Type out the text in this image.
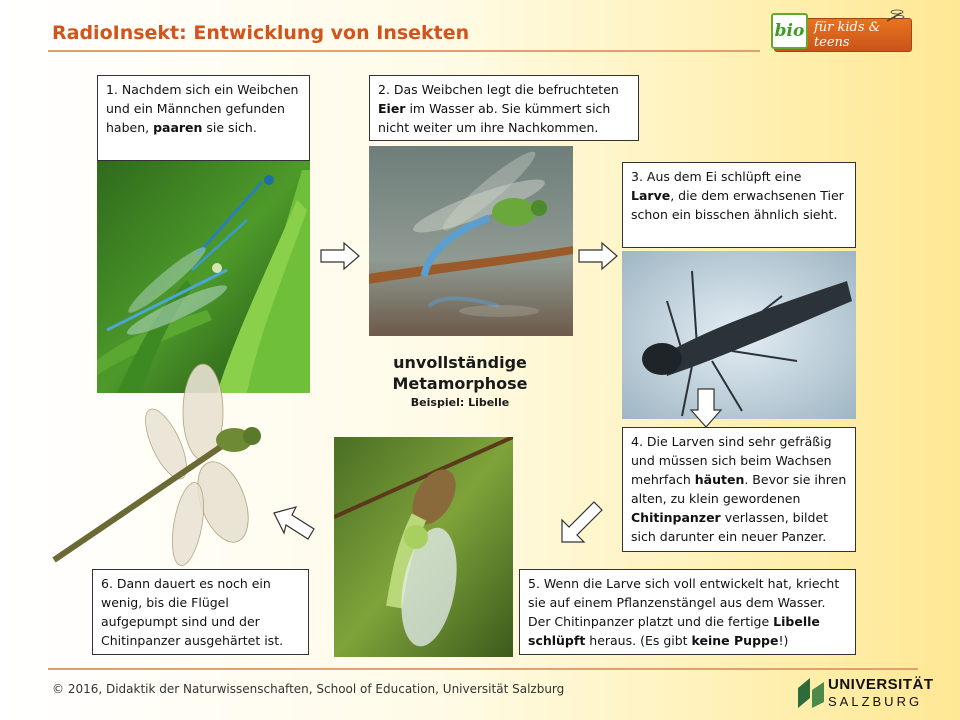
RadioInsekt: Entwicklung von Insekten	bio für kids & teens
1. Nachdem sich ein Weibchen und ein Männchen gefunden haben, paaren sie sich.
2. Das Weibchen legt die befruchteten Eier im Wasser ab. Sie kümmert sich nicht weiter um ihre Nachkommen.
3. Aus dem Ei schlüpft eine Larve, die dem erwachsenen Tier schon ein bisschen ähnlich sieht.
4. Die Larven sind sehr gefräßig und müssen sich beim Wachsen mehrfach häuten. Bevor sie ihren alten, zu klein gewordenen Chitinpanzer verlassen, bildet sich darunter ein neuer Panzer.
unvollständige
Metamorphose
Beispiel: Libelle
5. Wenn die Larve sich voll entwickelt hat, kriecht sie auf einem Pflanzenstängel aus dem Wasser. Der Chitinpanzer platzt und die fertige Libelle schlüpft heraus. (Es gibt keine Puppe!)
6. Dann dauert es noch ein wenig, bis die Flügel aufgepumpt sind und der Chitinpanzer ausgehärtet ist.
© 2016, Didaktik der Naturwissenschaften, School of Education, Universität Salzburg	UNIVERSITÄT
SALZBURG
